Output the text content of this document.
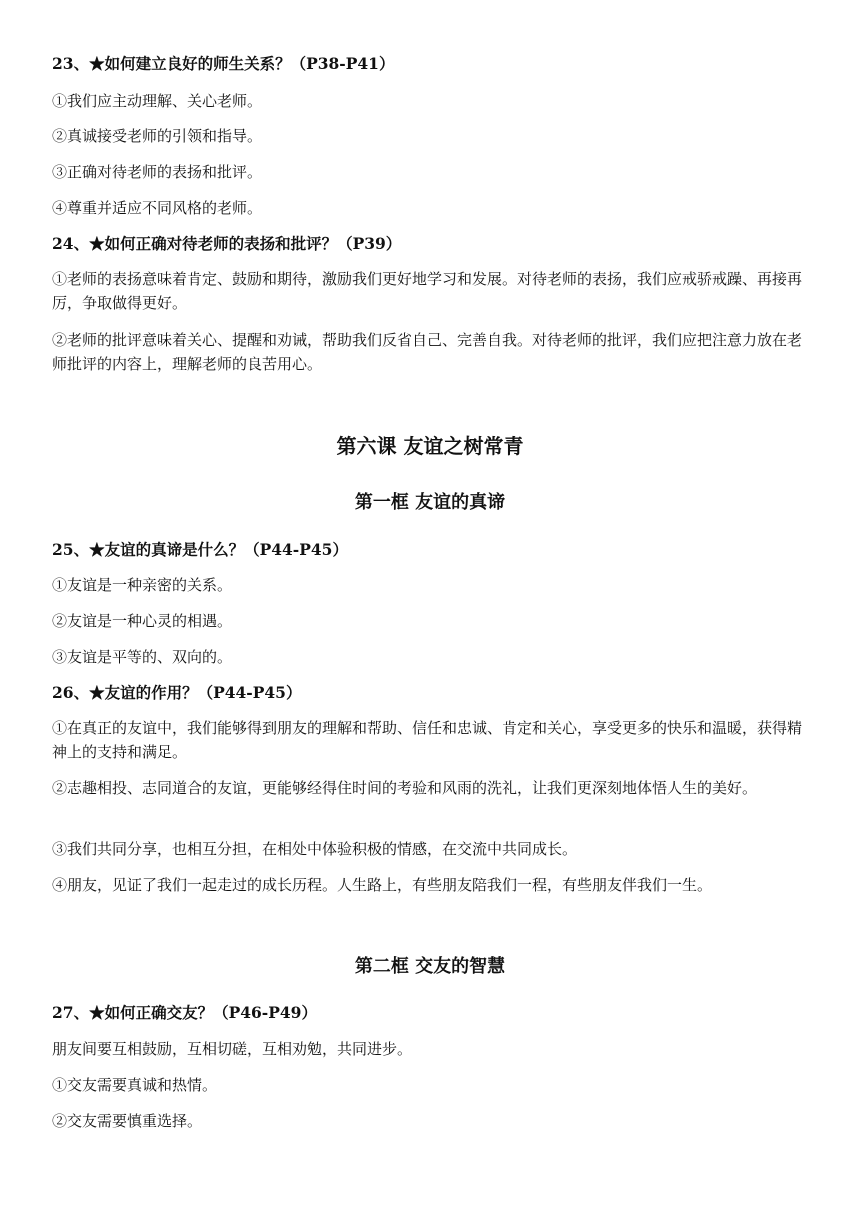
23、★如何建立良好的师生关系？（P38-P41）
①我们应主动理解、关心老师。
②真诚接受老师的引领和指导。
③正确对待老师的表扬和批评。
④尊重并适应不同风格的老师。
24、★如何正确对待老师的表扬和批评？（P39）
①老师的表扬意味着肯定、鼓励和期待，激励我们更好地学习和发展。对待老师的表扬，我们应戒骄戒躁、再接再厉，争取做得更好。
②老师的批评意味着关心、提醒和劝诫，帮助我们反省自己、完善自我。对待老师的批评，我们应把注意力放在老师批评的内容上，理解老师的良苦用心。
第六课 友谊之树常青
第一框 友谊的真谛
25、★友谊的真谛是什么？（P44-P45）
①友谊是一种亲密的关系。
②友谊是一种心灵的相遇。
③友谊是平等的、双向的。
26、★友谊的作用？（P44-P45）
①在真正的友谊中，我们能够得到朋友的理解和帮助、信任和忠诚、肯定和关心，享受更多的快乐和温暖，获得精神上的支持和满足。
②志趣相投、志同道合的友谊，更能够经得住时间的考验和风雨的洗礼，让我们更深刻地体悟人生的美好。
③我们共同分享，也相互分担，在相处中体验积极的情感，在交流中共同成长。
④朋友，见证了我们一起走过的成长历程。人生路上，有些朋友陪我们一程，有些朋友伴我们一生。
第二框 交友的智慧
27、★如何正确交友？（P46-P49）
朋友间要互相鼓励，互相切磋，互相劝勉，共同进步。
①交友需要真诚和热情。
②交友需要慎重选择。
